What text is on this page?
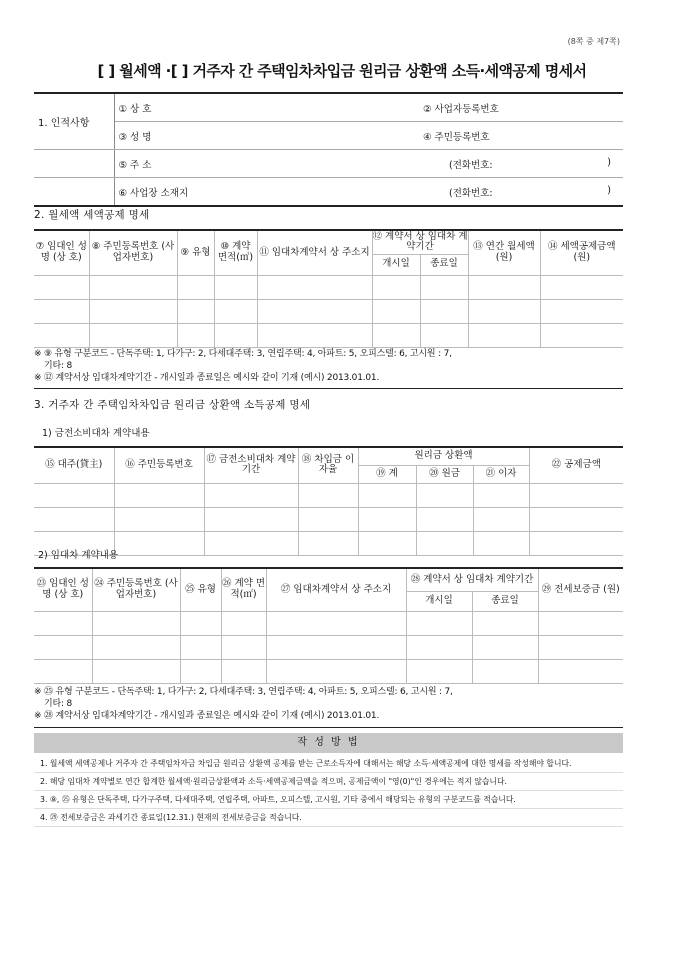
(8쪽 중 제7쪽)
[ ] 월세액 ·[ ] 거주자 간 주택임차차입금 원리금 상환액 소득·세액공제 명세서
1. 인적사항	① 상 호	② 사업자등록번호
	③ 성 명	④ 주민등록번호
	⑤ 주 소	(전화번호: )

	⑥ 사업장 소재지	(전화번호: )
2. 월세액 세액공제 명세
⑦ 임대인 성 명 (상 호)	⑧ 주민등록번호 (사업자번호)	⑨ 유형	⑩ 계약 면적(㎡)	⑪ 임대차계약서 상 주소지	⑫ 계약서 상 임대차 계약기간		⑬ 연간 월세액(원)	⑭ 세액공제금액 (원)
					개시일	종료일		

※ ⑨ 유형 구분코드 - 단독주택: 1, 다가구: 2, 다세대주택: 3, 연립주택: 4, 아파트: 5, 오피스텔: 6, 고시원 : 7,
기타: 8
※ ⑫ 계약서상 임대차계약기간 - 개시일과 종료일은 예시와 같이 기재 (예시) 2013.01.01.
3. 거주자 간 주택임차차입금 원리금 상환액 소득공제 명세
1) 금전소비대차 계약내용
⑮ 대주(貸主)	⑯ 주민등록번호	⑰ 금전소비대차 계약기간	⑱ 차입금 이자율	원리금 상환액			㉒ 공제금액
				⑲ 계	⑳ 원금	㉑ 이자	

2) 임대차 계약내용
㉓ 임대인 성 명 (상 호)	㉔ 주민등록번호 (사업자번호)	㉕ 유형	㉖ 계약 면적(㎡)	㉗ 임대차계약서 상 주소지	㉘ 계약서 상 임대차 계약기간		㉙ 전세보증금 (원)
					개시일	종료일	

※ ㉕ 유형 구분코드 - 단독주택: 1, 다가구: 2, 다세대주택: 3, 연립주택: 4, 아파트: 5, 오피스텔: 6, 고시원 : 7,
기타: 8
※ ㉘ 계약서상 임대차계약기간 - 개시일과 종료일은 예시와 같이 기재 (예시) 2013.01.01.
작 성 방 법
1. 월세액 세액공제나 거주자 간 주택임차자금 차입금 원리금 상환액 공제를 받는 근로소득자에 대해서는 해당 소득·세액공제에 대한 명세를 작성해야 합니다.
2. 해당 임대차 계약별로 연간 합계한 월세액·원리금상환액과 소득·세액공제금액을 적으며, 공제금액이 "영(0)"인 경우에는 적지 않습니다.
3. ⑨, ㉕ 유형은 단독주택, 다가구주택, 다세대주택, 연립주택, 아파트, 오피스텔, 고시원, 기타 중에서 해당되는 유형의 구분코드를 적습니다.
4. ㉙ 전세보증금은 과세기간 종료일(12.31.) 현재의 전세보증금을 적습니다.
